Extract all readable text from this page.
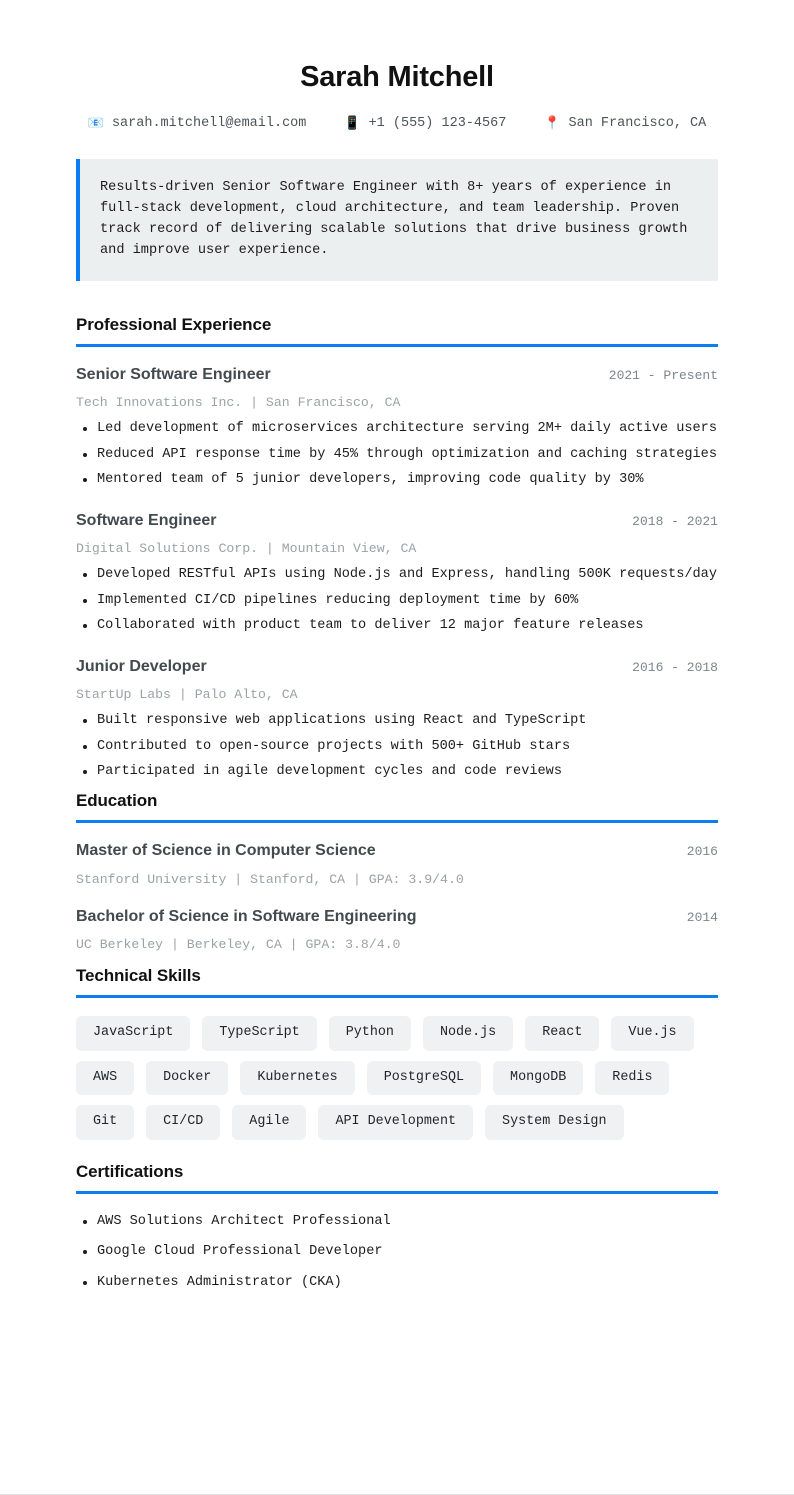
Sarah Mitchell
📧 sarah.mitchell@email.com	📱 +1 (555) 123-4567	📍 San Francisco, CA

Results-driven Senior Software Engineer with 8+ years of experience in full-stack development, cloud architecture, and team leadership. Proven track record of delivering scalable solutions that drive business growth and improve user experience.

Professional Experience
Senior Software Engineer	2021 - Present
Tech Innovations Inc. | San Francisco, CA
Led development of microservices architecture serving 2M+ daily active users
Reduced API response time by 45% through optimization and caching strategies
Mentored team of 5 junior developers, improving code quality by 30%
Software Engineer	2018 - 2021
Digital Solutions Corp. | Mountain View, CA
Developed RESTful APIs using Node.js and Express, handling 500K requests/day
Implemented CI/CD pipelines reducing deployment time by 60%
Collaborated with product team to deliver 12 major feature releases
Junior Developer	2016 - 2018
StartUp Labs | Palo Alto, CA
Built responsive web applications using React and TypeScript
Contributed to open-source projects with 500+ GitHub stars
Participated in agile development cycles and code reviews
Education
Master of Science in Computer Science	2016
Stanford University | Stanford, CA | GPA: 3.9/4.0
Bachelor of Science in Software Engineering	2014
UC Berkeley | Berkeley, CA | GPA: 3.8/4.0
Technical Skills
JavaScript	TypeScript	Python	Node.js	React	Vue.js
AWS	Docker	Kubernetes	PostgreSQL	MongoDB	Redis
Git	CI/CD	Agile	API Development	System Design
Certifications
AWS Solutions Architect Professional
Google Cloud Professional Developer
Kubernetes Administrator (CKA)
